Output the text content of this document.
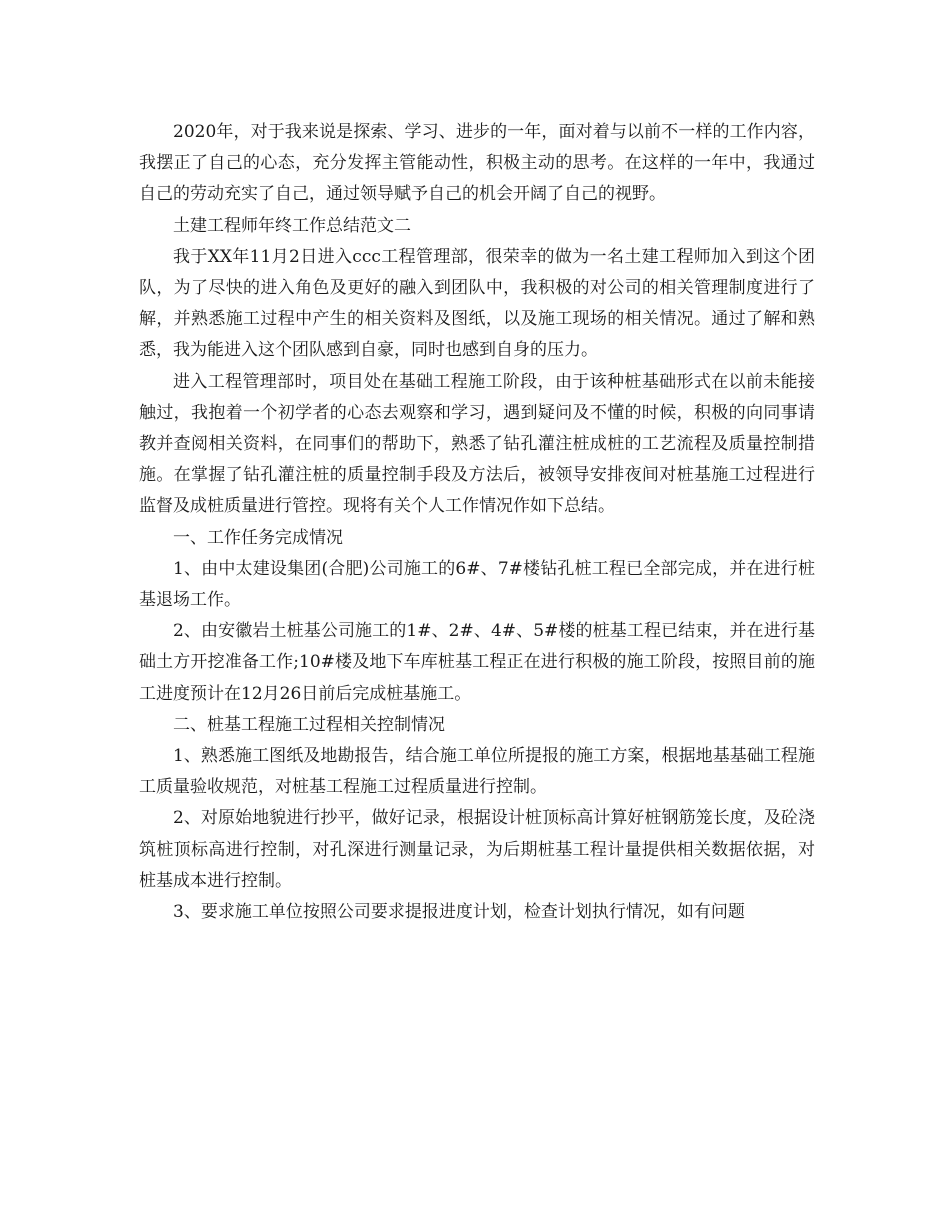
2020年，对于我来说是探索、学习、进步的一年，面对着与以前不一样的工作内容，我摆正了自己的心态，充分发挥主管能动性，积极主动的思考。在这样的一年中，我通过自己的劳动充实了自己，通过领导赋予自己的机会开阔了自己的视野。

土建工程师年终工作总结范文二

我于XX年11月2日进入ccc工程管理部，很荣幸的做为一名土建工程师加入到这个团队，为了尽快的进入角色及更好的融入到团队中，我积极的对公司的相关管理制度进行了解，并熟悉施工过程中产生的相关资料及图纸，以及施工现场的相关情况。通过了解和熟悉，我为能进入这个团队感到自豪，同时也感到自身的压力。

进入工程管理部时，项目处在基础工程施工阶段，由于该种桩基础形式在以前未能接触过，我抱着一个初学者的心态去观察和学习，遇到疑问及不懂的时候，积极的向同事请教并查阅相关资料，在同事们的帮助下，熟悉了钻孔灌注桩成桩的工艺流程及质量控制措施。在掌握了钻孔灌注桩的质量控制手段及方法后，被领导安排夜间对桩基施工过程进行监督及成桩质量进行管控。现将有关个人工作情况作如下总结。

一、工作任务完成情况

1、由中太建设集团(合肥)公司施工的6#、7#楼钻孔桩工程已全部完成，并在进行桩基退场工作。

2、由安徽岩土桩基公司施工的1#、2#、4#、5#楼的桩基工程已结束，并在进行基础土方开挖准备工作;10#楼及地下车库桩基工程正在进行积极的施工阶段，按照目前的施工进度预计在12月26日前后完成桩基施工。

二、桩基工程施工过程相关控制情况

1、熟悉施工图纸及地勘报告，结合施工单位所提报的施工方案，根据地基基础工程施工质量验收规范，对桩基工程施工过程质量进行控制。

2、对原始地貌进行抄平，做好记录，根据设计桩顶标高计算好桩钢筋笼长度，及砼浇筑桩顶标高进行控制，对孔深进行测量记录，为后期桩基工程计量提供相关数据依据，对桩基成本进行控制。

3、要求施工单位按照公司要求提报进度计划，检查计划执行情况，如有问题
